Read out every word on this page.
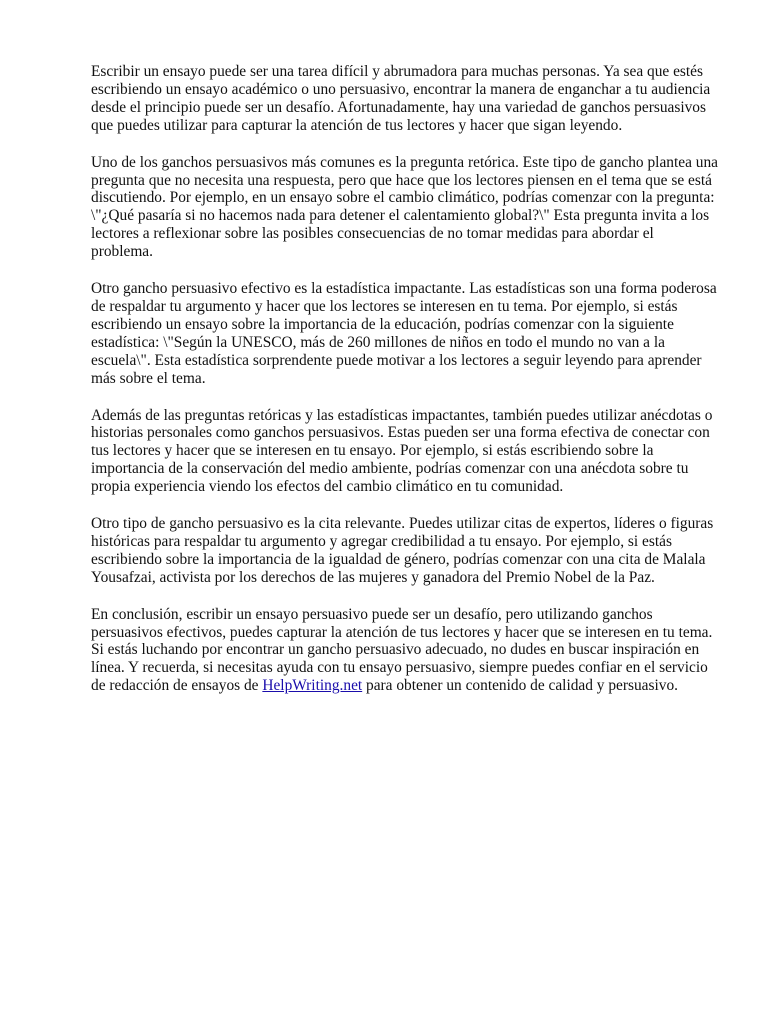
Escribir un ensayo puede ser una tarea difícil y abrumadora para muchas personas. Ya sea que estés escribiendo un ensayo académico o uno persuasivo, encontrar la manera de enganchar a tu audiencia desde el principio puede ser un desafío. Afortunadamente, hay una variedad de ganchos persuasivos que puedes utilizar para capturar la atención de tus lectores y hacer que sigan leyendo.

Uno de los ganchos persuasivos más comunes es la pregunta retórica. Este tipo de gancho plantea una pregunta que no necesita una respuesta, pero que hace que los lectores piensen en el tema que se está discutiendo. Por ejemplo, en un ensayo sobre el cambio climático, podrías comenzar con la pregunta: \"¿Qué pasaría si no hacemos nada para detener el calentamiento global?\" Esta pregunta invita a los lectores a reflexionar sobre las posibles consecuencias de no tomar medidas para abordar el problema.

Otro gancho persuasivo efectivo es la estadística impactante. Las estadísticas son una forma poderosa de respaldar tu argumento y hacer que los lectores se interesen en tu tema. Por ejemplo, si estás escribiendo un ensayo sobre la importancia de la educación, podrías comenzar con la siguiente estadística: \"Según la UNESCO, más de 260 millones de niños en todo el mundo no van a la escuela\". Esta estadística sorprendente puede motivar a los lectores a seguir leyendo para aprender más sobre el tema.

Además de las preguntas retóricas y las estadísticas impactantes, también puedes utilizar anécdotas o historias personales como ganchos persuasivos. Estas pueden ser una forma efectiva de conectar con tus lectores y hacer que se interesen en tu ensayo. Por ejemplo, si estás escribiendo sobre la importancia de la conservación del medio ambiente, podrías comenzar con una anécdota sobre tu propia experiencia viendo los efectos del cambio climático en tu comunidad.

Otro tipo de gancho persuasivo es la cita relevante. Puedes utilizar citas de expertos, líderes o figuras históricas para respaldar tu argumento y agregar credibilidad a tu ensayo. Por ejemplo, si estás escribiendo sobre la importancia de la igualdad de género, podrías comenzar con una cita de Malala Yousafzai, activista por los derechos de las mujeres y ganadora del Premio Nobel de la Paz.

En conclusión, escribir un ensayo persuasivo puede ser un desafío, pero utilizando ganchos persuasivos efectivos, puedes capturar la atención de tus lectores y hacer que se interesen en tu tema. Si estás luchando por encontrar un gancho persuasivo adecuado, no dudes en buscar inspiración en línea. Y recuerda, si necesitas ayuda con tu ensayo persuasivo, siempre puedes confiar en el servicio de redacción de ensayos de HelpWriting.net para obtener un contenido de calidad y persuasivo.
